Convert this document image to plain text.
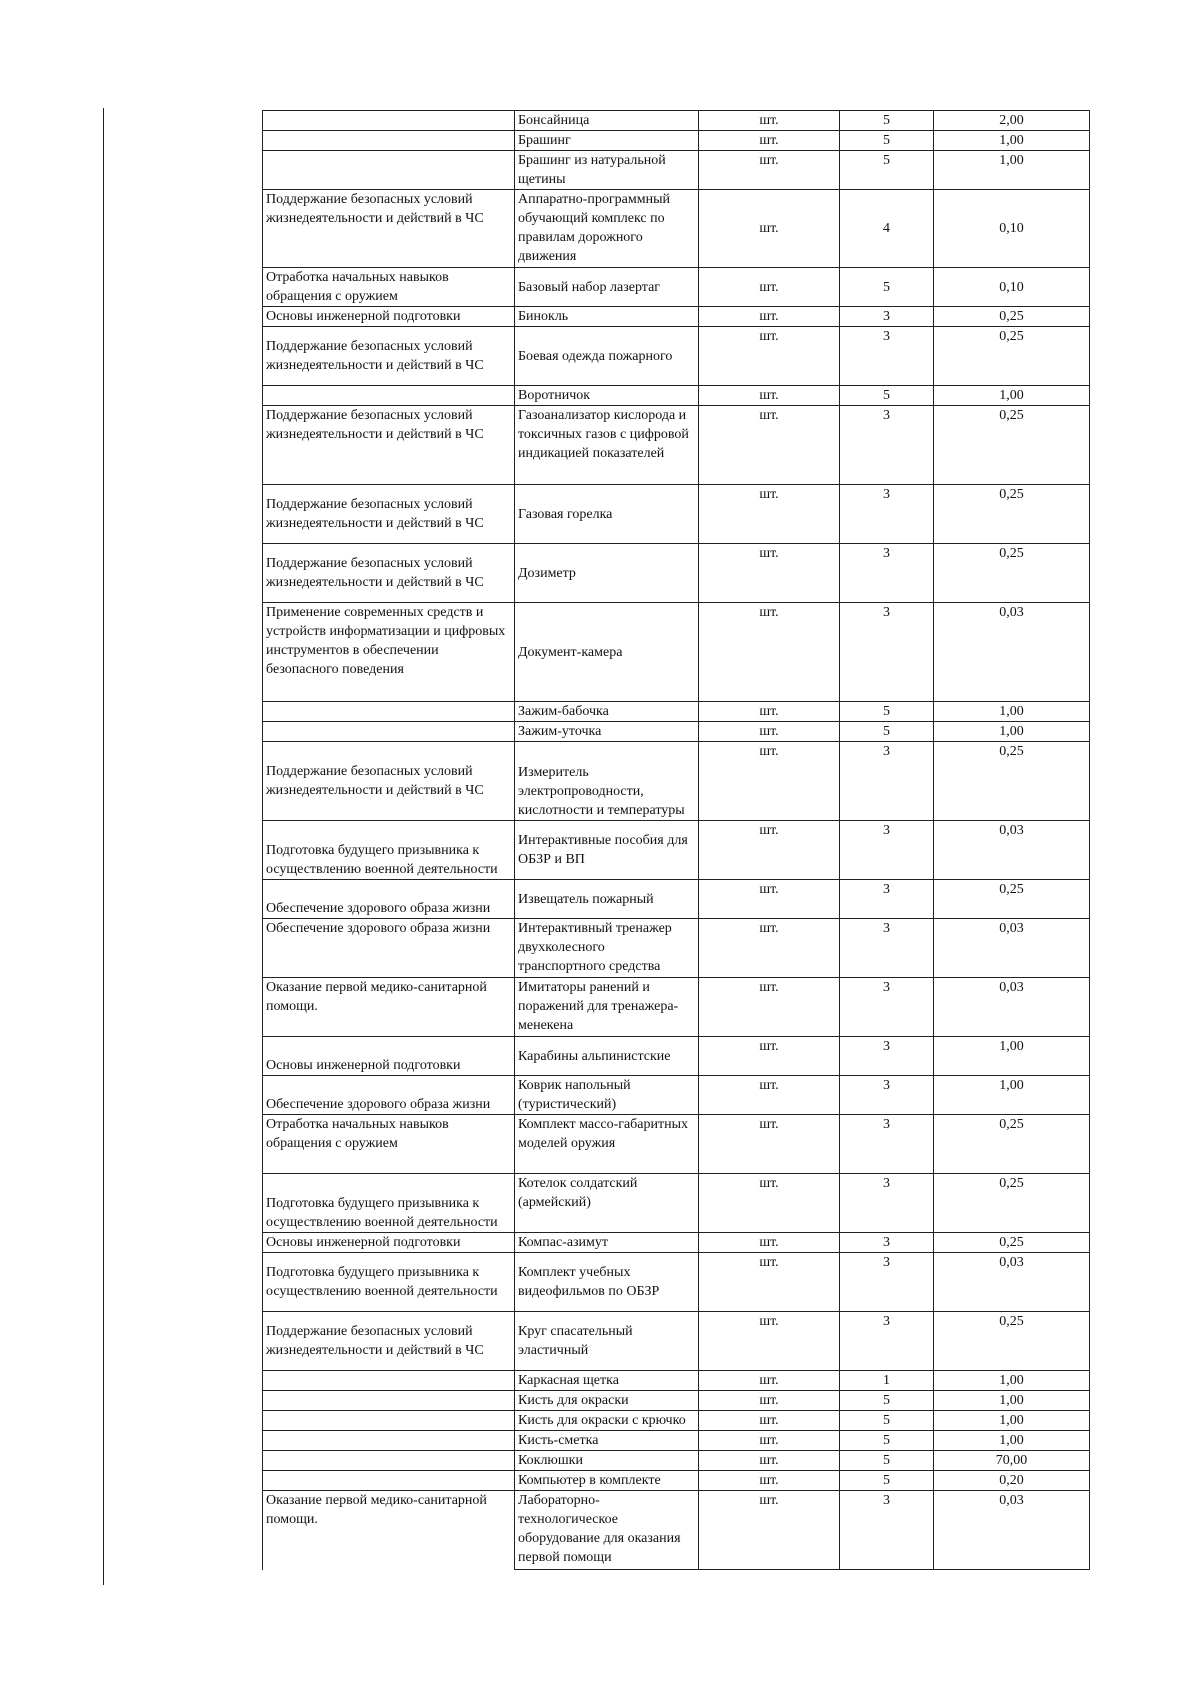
	Бонсайница	шт.	5	2,00
	Брашинг	шт.	5	1,00
	Брашинг из натуральной щетины	шт.	5	1,00
Поддержание безопасных условий жизнедеятельности и действий в ЧС	Аппаратно-программный обучающий комплекс по правилам дорожного движения	шт.	4	0,10
Отработка начальных навыков обращения с оружием	Базовый набор лазертаг	шт.	5	0,10
Основы инженерной подготовки	Бинокль	шт.	3	0,25
Поддержание безопасных условий жизнедеятельности и действий в ЧС	Боевая одежда пожарного	шт.	3	0,25
	Воротничок	шт.	5	1,00
Поддержание безопасных условий жизнедеятельности и действий в ЧС	Газоанализатор кислорода и токсичных газов с цифровой индикацией показателей	шт.	3	0,25
Поддержание безопасных условий жизнедеятельности и действий в ЧС	Газовая горелка	шт.	3	0,25
Поддержание безопасных условий жизнедеятельности и действий в ЧС	Дозиметр	шт.	3	0,25
Применение современных средств и устройств информатизации и цифровых инструментов в обеспечении безопасного поведения	Документ-камера	шт.	3	0,03
	Зажим-бабочка	шт.	5	1,00
	Зажим-уточка	шт.	5	1,00
Поддержание безопасных условий жизнедеятельности и действий в ЧС	Измеритель электропроводности, кислотности и температуры	шт.	3	0,25
Подготовка будущего призывника к осуществлению военной деятельности	Интерактивные пособия для ОБЗР и ВП	шт.	3	0,03
Обеспечение здорового образа жизни	Извещатель пожарный	шт.	3	0,25
Обеспечение здорового образа жизни	Интерактивный тренажер двухколесного транспортного средства	шт.	3	0,03
Оказание первой медико-санитарной помощи.	Имитаторы ранений и поражений для тренажера-менекена	шт.	3	0,03
Основы инженерной подготовки	Карабины альпинистские	шт.	3	1,00
Обеспечение здорового образа жизни	Коврик напольный (туристический)	шт.	3	1,00
Отработка начальных навыков обращения с оружием	Комплект массо-габаритных моделей оружия	шт.	3	0,25
Подготовка будущего призывника к осуществлению военной деятельности	Котелок солдатский (армейский)	шт.	3	0,25
Основы инженерной подготовки	Компас-азимут	шт.	3	0,25
Подготовка будущего призывника к осуществлению военной деятельности	Комплект учебных видеофильмов по ОБЗР	шт.	3	0,03
Поддержание безопасных условий жизнедеятельности и действий в ЧС	Круг спасательный эластичный	шт.	3	0,25
	Каркасная щетка	шт.	1	1,00
	Кисть для окраски	шт.	5	1,00
	Кисть для окраски с крючко	шт.	5	1,00
	Кисть-сметка	шт.	5	1,00
	Коклюшки	шт.	5	70,00
	Компьютер в комплекте	шт.	5	0,20
Оказание первой медико-санитарной помощи.	Лабораторно-технологическое оборудование для оказания первой помощи	шт.	3	0,03
